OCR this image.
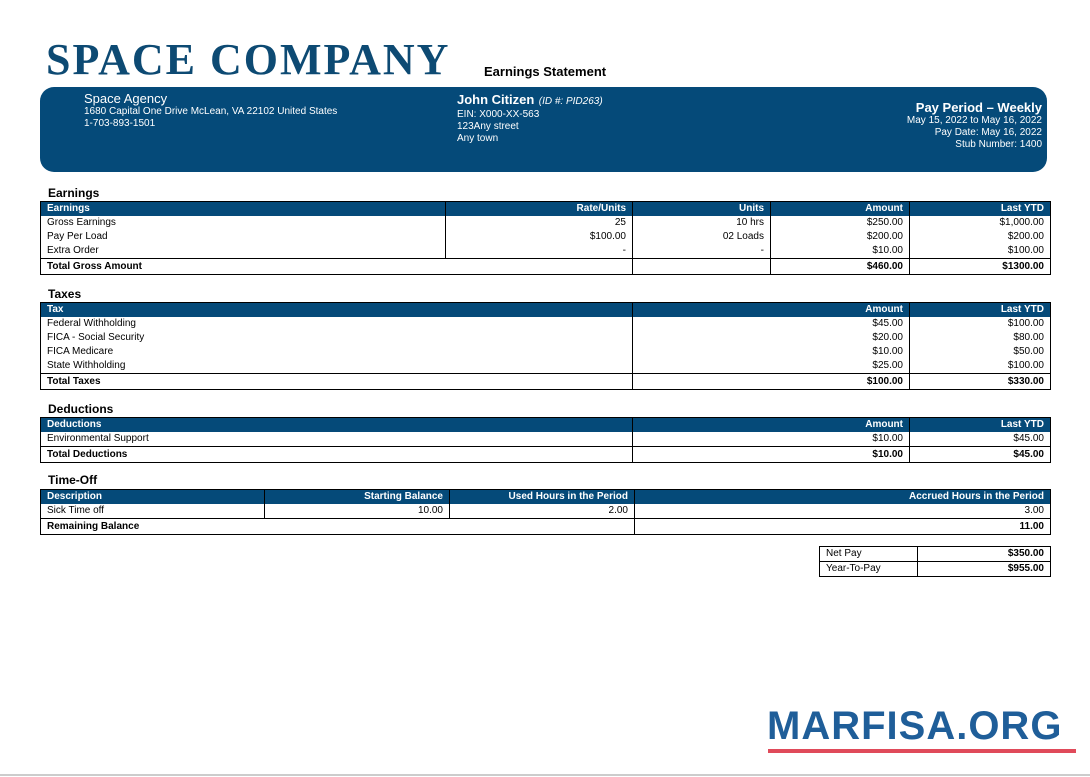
SPACE COMPANY	Earnings Statement
Space Agency
1680 Capital One Drive McLean, VA 22102 United States
1-703-893-1501
John Citizen (ID #: PID263)
EIN: X000-XX-563
123Any street
Any town
Pay Period – Weekly
May 15, 2022 to May 16, 2022
Pay Date: May 16, 2022
Stub Number: 1400
Earnings
Earnings	Rate/Units	Units	Amount	Last YTD
Gross Earnings	25	10 hrs	$250.00	$1,000.00
Pay Per Load	$100.00	02 Loads	$200.00	$200.00
Extra Order	-	-	$10.00	$100.00
Total Gross Amount			$460.00	$1300.00
Taxes
Tax	Amount	Last YTD
Federal Withholding	$45.00	$100.00
FICA - Social Security	$20.00	$80.00
FICA Medicare	$10.00	$50.00
State Withholding	$25.00	$100.00
Total Taxes	$100.00	$330.00
Deductions
Deductions	Amount	Last YTD
Environmental Support	$10.00	$45.00
Total Deductions	$10.00	$45.00
Time-Off
Description	Starting Balance	Used Hours in the Period	Accrued Hours in the Period
Sick Time off	10.00	2.00	3.00
Remaining Balance			11.00
Net Pay	$350.00
Year-To-Pay	$955.00
MARFISA.ORG
